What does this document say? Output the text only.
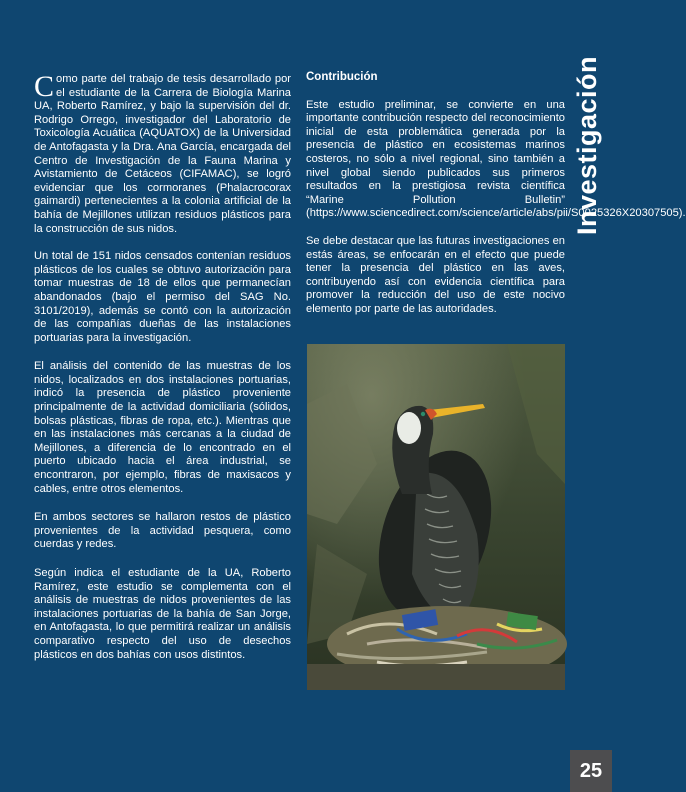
Investigación

Como parte del trabajo de tesis desarrollado por el estudiante de la Carrera de Biología Marina UA, Roberto Ramírez, y bajo la supervisión del dr. Rodrigo Orrego, investigador del Laboratorio de Toxicología Acuática (AQUATOX) de la Universidad de Antofagasta y la Dra. Ana García, encargada del Centro de Investigación de la Fauna Marina y Avistamiento de Cetáceos (CIFAMAC), se logró evidenciar que los cormoranes (Phalacrocorax gaimardi) pertenecientes a la colonia artificial de la bahía de Mejillones utilizan residuos plásticos para la construcción de sus nidos.

Un total de 151 nidos censados contenían residuos plásticos de los cuales se obtuvo autorización para tomar muestras de 18 de ellos que permanecían abandonados (bajo el permiso del SAG No. 3101/2019), además se contó con la autorización de las compañías dueñas de las instalaciones portuarias para la investigación.

El análisis del contenido de las muestras de los nidos, localizados en dos instalaciones portuarias, indicó la presencia de plástico proveniente principalmente de la actividad domiciliaria (sólidos, bolsas plásticas, fibras de ropa, etc.). Mientras que en las instalaciones más cercanas a la ciudad de Mejillones, a diferencia de lo encontrado en el puerto ubicado hacia el área industrial, se encontraron, por ejemplo, fibras de maxisacos y cables, entre otros elementos.

En ambos sectores se hallaron restos de plástico provenientes de la actividad pesquera, como cuerdas y redes.

Según indica el estudiante de la UA, Roberto Ramírez, este estudio se complementa con el análisis de muestras de nidos provenientes de las instalaciones portuarias de la bahía de San Jorge, en Antofagasta, lo que permitirá realizar un análisis comparativo respecto del uso de desechos plásticos en dos bahías con usos distintos.

Contribución

Este estudio preliminar, se convierte en una importante contribución respecto del reconocimiento inicial de esta problemática generada por la presencia de plástico en ecosistemas marinos costeros, no sólo a nivel regional, sino también a nivel global siendo publicados sus primeros resultados en la prestigiosa revista científica “Marine Pollution Bulletin” (https://www.sciencedirect.com/science/article/abs/pii/S0025326X20307505).

Se debe destacar que las futuras investigaciones en estás áreas, se enfocarán en el efecto que puede tener la presencia del plástico en las aves, contribuyendo así con evidencia científica para promover la reducción del uso de este nocivo elemento por parte de las autoridades.

25
